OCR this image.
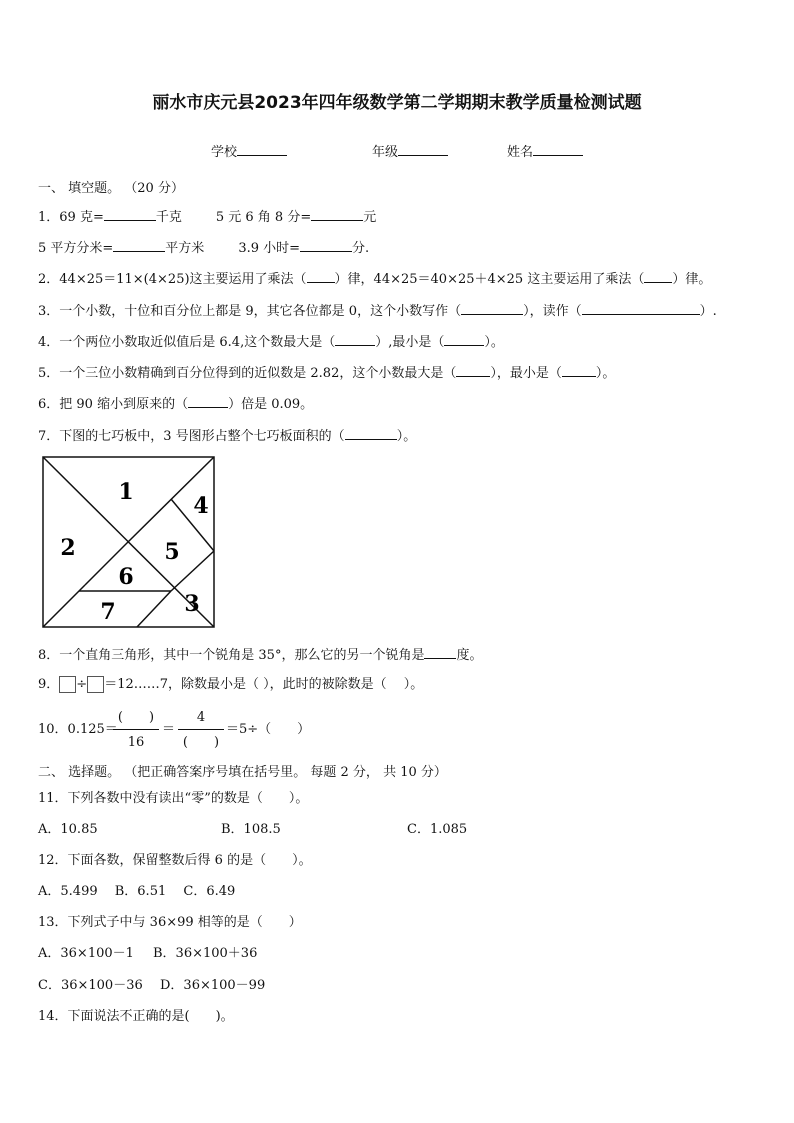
丽水市庆元县2023年四年级数学第二学期期末教学质量检测试题
学校	年级	姓名
一、 填空题。 （20 分）
1．69 克=	千克	5 元 6 角 8 分=	元
5 平方分米=	平方米	3.9 小时=	分.
2．44×25＝11×(4×25)这主要运用了乘法（ ）律，44×25＝40×25＋4×25 这主要运用了乘法（ ）律。
3．一个小数，十位和百分位上都是 9，其它各位都是 0，这个小数写作（	），读作（	）.
4．一个两位小数取近似值后是 6.4,这个数最大是（	）,最小是（	）。
5．一个三位小数精确到百分位得到的近似数是 2.82，这个小数最大是（	），最小是（	）。
6．把 90 缩小到原来的（	）倍是 0.09。
7．下图的七巧板中，3 号图形占整个七巧板面积的（	）。
1
2
3
4
5
6
7
8．一个直角三角形，其中一个锐角是 35°，那么它的另一个锐角是 度。
9． ÷ ＝12……7，除数最小是（ ），此时的被除数是（　 ）。
10．0.125＝
(　　)
16
＝
4
(　　)
＝5÷（　　）
二、 选择题。 （把正确答案序号填在括号里。 每题 2 分， 共 10 分）
11．下列各数中没有读出“零”的数是（　　）。
A．10.85	B．108.5	C．1.085
12．下面各数，保留整数后得 6 的是（　　）。
A．5.499　 B．6.51　 C．6.49
13．下列式子中与 36×99 相等的是（　　）
A．36×100－1 B．36×100＋36
C．36×100－36 D．36×100－99
14．下面说法不正确的是(　　)。
